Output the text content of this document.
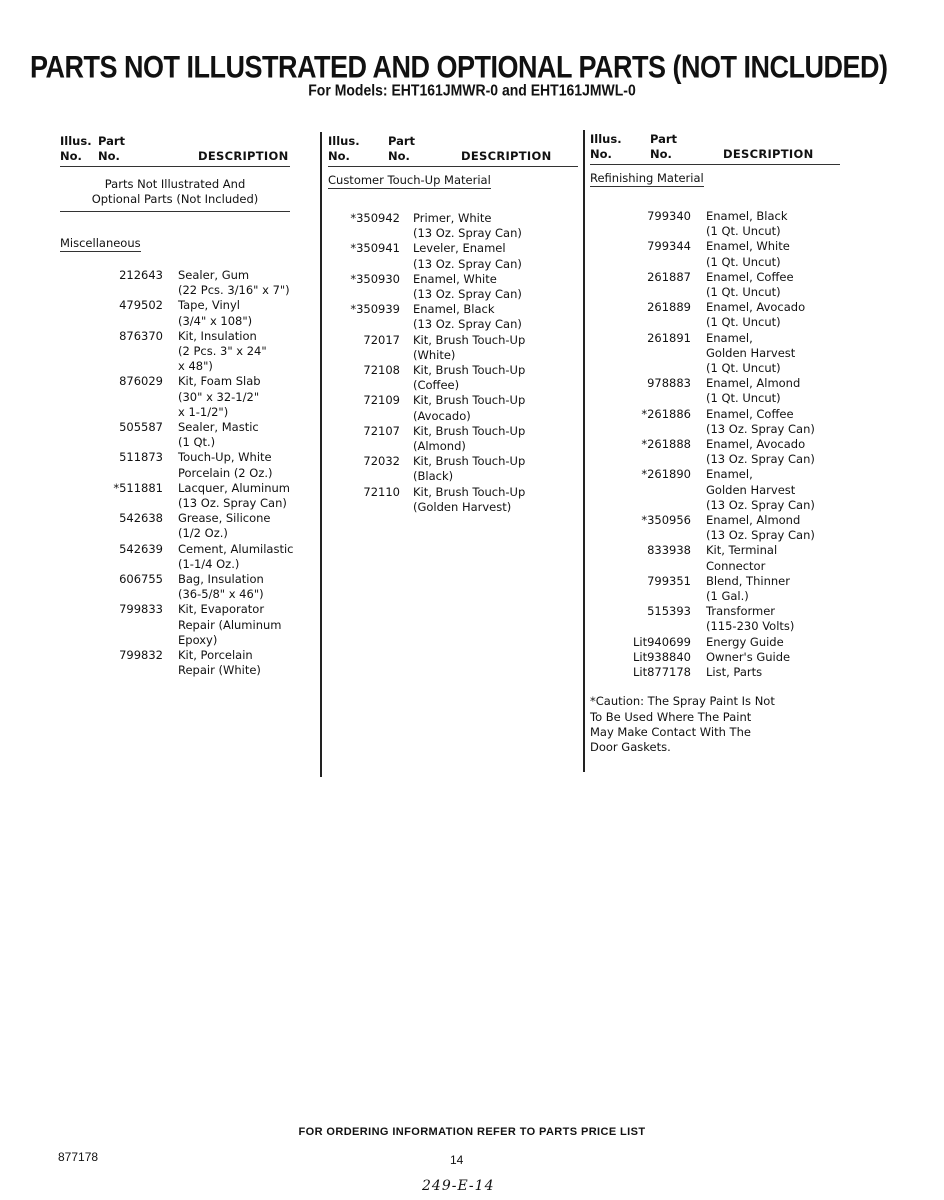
PARTS NOT ILLUSTRATED AND OPTIONAL PARTS (NOT INCLUDED)
For Models: EHT161JMWR-0 and EHT161JMWL-0
Illus.
No.
Part
No.	DESCRIPTION
Parts Not Illustrated And
Optional Parts (Not Included)
Miscellaneous
212643 Sealer, Gum
(22 Pcs. 3/16" x 7")
479502 Tape, Vinyl
(3/4" x 108")
876370 Kit, Insulation
(2 Pcs. 3" x 24"
x 48")
876029 Kit, Foam Slab
(30" x 32-1/2"
x 1-1/2")
505587 Sealer, Mastic
(1 Qt.)
511873 Touch-Up, White
Porcelain (2 Oz.)
*511881 Lacquer, Aluminum
(13 Oz. Spray Can)
542638 Grease, Silicone
(1/2 Oz.)
542639 Cement, Alumilastic
(1-1/4 Oz.)
606755 Bag, Insulation
(36-5/8" x 46")
799833 Kit, Evaporator
Repair (Aluminum
Epoxy)
799832 Kit, Porcelain
Repair (White)
Illus.
No.
Part
No.	DESCRIPTION
Customer Touch-Up Material
*350942 Primer, White
(13 Oz. Spray Can)
*350941 Leveler, Enamel
(13 Oz. Spray Can)
*350930 Enamel, White
(13 Oz. Spray Can)
*350939 Enamel, Black
(13 Oz. Spray Can)
72017 Kit, Brush Touch-Up
(White)
72108 Kit, Brush Touch-Up
(Coffee)
72109 Kit, Brush Touch-Up
(Avocado)
72107 Kit, Brush Touch-Up
(Almond)
72032 Kit, Brush Touch-Up
(Black)
72110 Kit, Brush Touch-Up
(Golden Harvest)
Illus.
No.
Part
No.	DESCRIPTION
Refinishing Material
799340 Enamel, Black
(1 Qt. Uncut)
799344 Enamel, White
(1 Qt. Uncut)
261887 Enamel, Coffee
(1 Qt. Uncut)
261889 Enamel, Avocado
(1 Qt. Uncut)
261891 Enamel,
Golden Harvest
(1 Qt. Uncut)
978883 Enamel, Almond
(1 Qt. Uncut)
*261886 Enamel, Coffee
(13 Oz. Spray Can)
*261888 Enamel, Avocado
(13 Oz. Spray Can)
*261890 Enamel,
Golden Harvest
(13 Oz. Spray Can)
*350956 Enamel, Almond
(13 Oz. Spray Can)
833938 Kit, Terminal
Connector
799351 Blend, Thinner
(1 Gal.)
515393 Transformer
(115-230 Volts)
Lit940699 Energy Guide
Lit938840 Owner's Guide
Lit877178 List, Parts
*Caution: The Spray Paint Is Not
To Be Used Where The Paint
May Make Contact With The
Door Gaskets.
FOR ORDERING INFORMATION REFER TO PARTS PRICE LIST
877178	14
249-E-14
